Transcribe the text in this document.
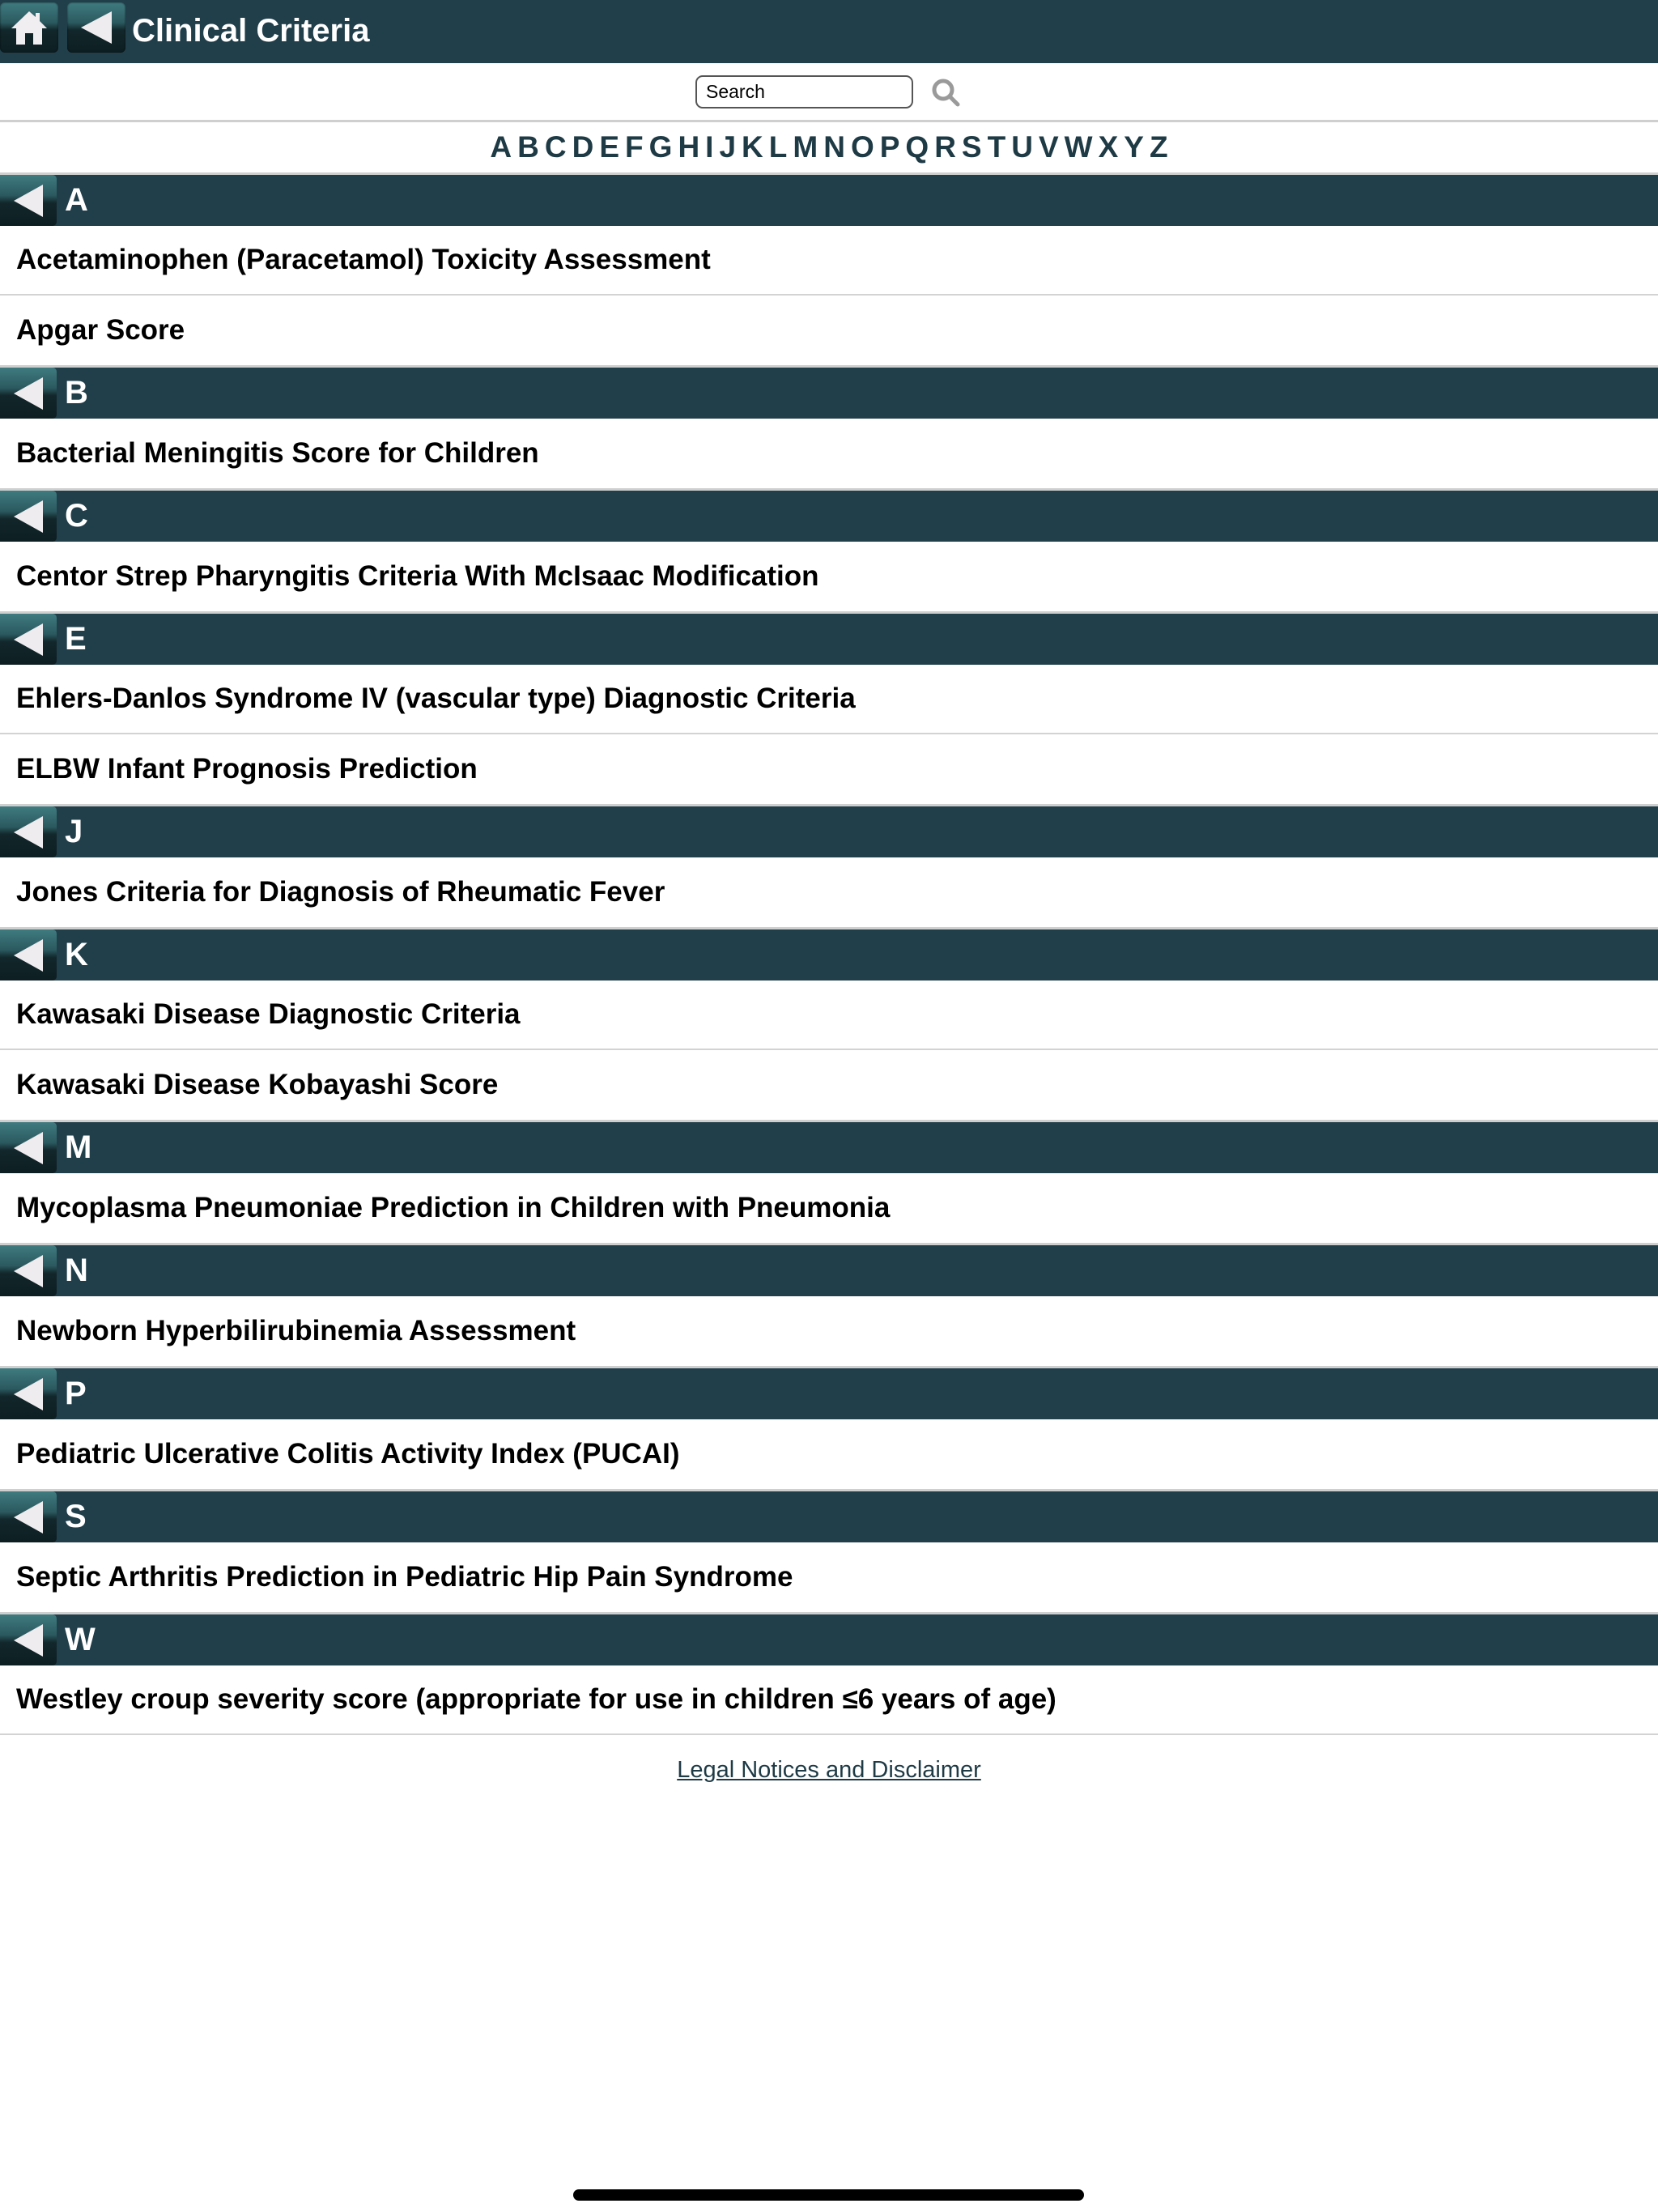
Clinical Criteria
Search
A B C D E F G H I J K L M N O P Q R S T U V W X Y Z
A
Acetaminophen (Paracetamol) Toxicity Assessment
Apgar Score
B
Bacterial Meningitis Score for Children
C
Centor Strep Pharyngitis Criteria With McIsaac Modification
E
Ehlers-Danlos Syndrome IV (vascular type) Diagnostic Criteria
ELBW Infant Prognosis Prediction
J
Jones Criteria for Diagnosis of Rheumatic Fever
K
Kawasaki Disease Diagnostic Criteria
Kawasaki Disease Kobayashi Score
M
Mycoplasma Pneumoniae Prediction in Children with Pneumonia
N
Newborn Hyperbilirubinemia Assessment
P
Pediatric Ulcerative Colitis Activity Index (PUCAI)
S
Septic Arthritis Prediction in Pediatric Hip Pain Syndrome
W
Westley croup severity score (appropriate for use in children ≤6 years of age)
Legal Notices and Disclaimer
